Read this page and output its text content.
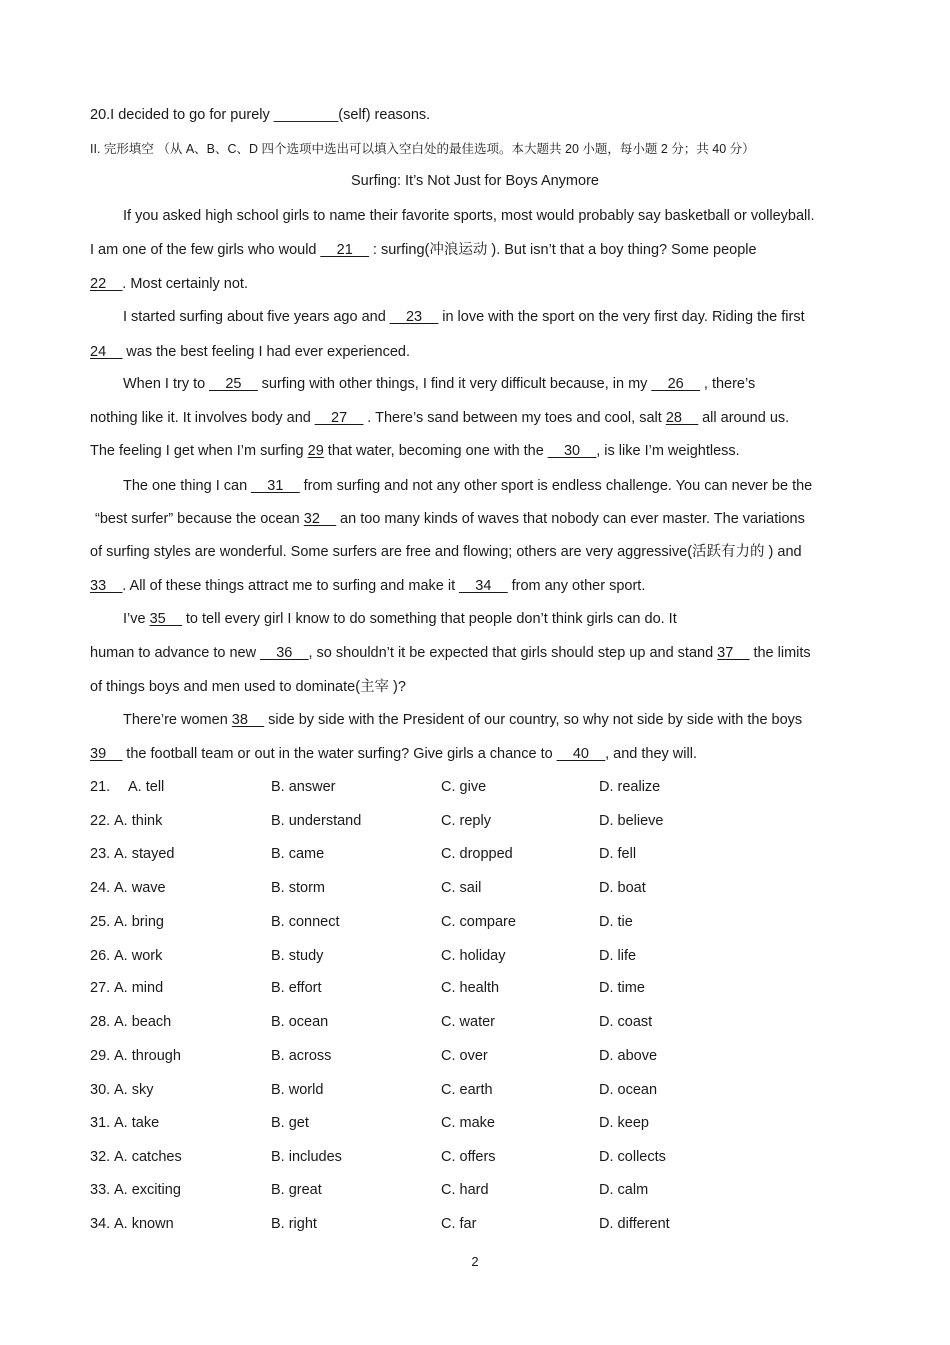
20.I decided to go for purely ________(self) reasons.
II. 完形填空 （从 A、B、C、D 四个选项中选出可以填入空白处的最佳选项。本大题共 20 小题，每小题 2 分；共 40 分）
Surfing: It’s Not Just for Boys Anymore
If you asked high school girls to name their favorite sports, most would probably say basketball or volleyball.
I am one of the few girls who would __21__ : surfing(冲浪运动 ). But isn’t that a boy thing? Some people
22__. Most certainly not.
I started surfing about five years ago and __23__ in love with the sport on the very first day. Riding the first
24__ was the best feeling I had ever experienced.
When I try to __25__ surfing with other things, I find it very difficult because, in my __26__ , there’s
nothing like it. It involves body and __27__ . There’s sand between my toes and cool, salt 28__ all around us.
The feeling I get when I’m surfing 29 that water, becoming one with the __30__, is like I’m weightless.
The one thing I can __31__ from surfing and not any other sport is endless challenge. You can never be the
“best surfer” because the ocean 32__ an too many kinds of waves that nobody can ever master. The variations
of surfing styles are wonderful. Some surfers are free and flowing; others are very aggressive(活跃有力的 ) and
33__. All of these things attract me to surfing and make it __34__ from any other sport.
I’ve 35__ to tell every girl I know to do something that people don’t think girls can do. It
human to advance to new __36__, so shouldn’t it be expected that girls should step up and stand 37__ the limits
of things boys and men used to dominate(主宰 )?
There’re women 38__ side by side with the President of our country, so why not side by side with the boys
39__ the football team or out in the water surfing? Give girls a chance to __40__, and they will.
21. A. tell	B. answer	C. give	D. realize
22. A. think	B. understand	C. reply	D. believe
23. A. stayed	B. came	C. dropped	D. fell
24. A. wave	B. storm	C. sail	D. boat
25. A. bring	B. connect	C. compare	D. tie
26. A. work	B. study	C. holiday	D. life
27. A. mind	B. effort	C. health	D. time
28. A. beach	B. ocean	C. water	D. coast
29. A. through	B. across	C. over	D. above
30. A. sky	B. world	C. earth	D. ocean
31. A. take	B. get	C. make	D. keep
32. A. catches	B. includes	C. offers	D. collects
33. A. exciting	B. great	C. hard	D. calm
34. A. known	B. right	C. far	D. different
2
